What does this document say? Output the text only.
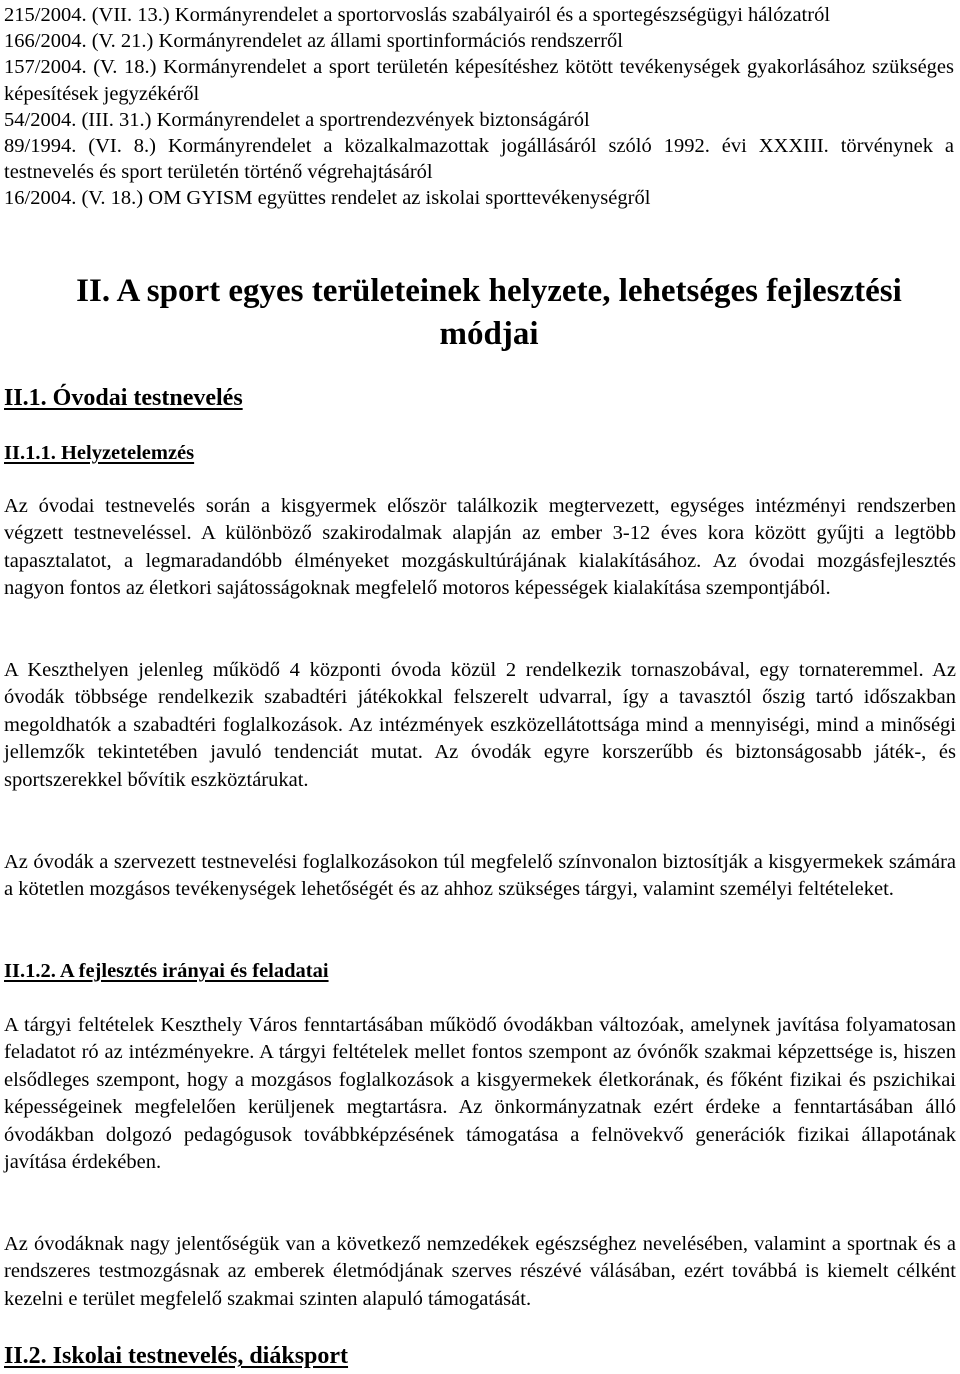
215/2004. (VII. 13.) Kormányrendelet a sportorvoslás szabályairól és a sportegészségügyi hálózatról

166/2004. (V. 21.) Kormányrendelet az állami sportinformációs rendszerről

157/2004. (V. 18.) Kormányrendelet a sport területén képesítéshez kötött tevékenységek gyakorlásához szükséges képesítések jegyzékéről

54/2004. (III. 31.) Kormányrendelet a sportrendezvények biztonságáról

89/1994. (VI. 8.) Kormányrendelet a közalkalmazottak jogállásáról szóló 1992. évi XXXIII. törvénynek a testnevelés és sport területén történő végrehajtásáról

16/2004. (V. 18.) OM GYISM együttes rendelet az iskolai sporttevékenységről

II. A sport egyes területeinek helyzete, lehetséges fejlesztési módjai
II.1. Óvodai testnevelés
II.1.1. Helyzetelemzés

Az óvodai testnevelés során a kisgyermek először találkozik megtervezett, egységes intézményi rendszerben végzett testneveléssel. A különböző szakirodalmak alapján az ember 3-12 éves kora között gyűjti a legtöbb tapasztalatot, a legmaradandóbb élményeket mozgáskultúrájának kialakításához. Az óvodai mozgásfejlesztés nagyon fontos az életkori sajátosságoknak megfelelő motoros képességek kialakítása szempontjából.

A Keszthelyen jelenleg működő 4 központi óvoda közül 2 rendelkezik tornaszobával, egy tornateremmel. Az óvodák többsége rendelkezik szabadtéri játékokkal felszerelt udvarral, így a tavasztól őszig tartó időszakban megoldhatók a szabadtéri foglalkozások. Az intézmények eszközellátottsága mind a mennyiségi, mind a minőségi jellemzők tekintetében javuló tendenciát mutat. Az óvodák egyre korszerűbb és biztonságosabb játék-, és sportszerekkel bővítik eszköztárukat.

Az óvodák a szervezett testnevelési foglalkozásokon túl megfelelő színvonalon biztosítják a kisgyermekek számára a kötetlen mozgásos tevékenységek lehetőségét és az ahhoz szükséges tárgyi, valamint személyi feltételeket.

II.1.2. A fejlesztés irányai és feladatai

A tárgyi feltételek Keszthely Város fenntartásában működő óvodákban változóak, amelynek javítása folyamatosan feladatot ró az intézményekre. A tárgyi feltételek mellet fontos szempont az óvónők szakmai képzettsége is, hiszen elsődleges szempont, hogy a mozgásos foglalkozások a kisgyermekek életkorának, és főként fizikai és pszichikai képességeinek megfelelően kerüljenek megtartásra. Az önkormányzatnak ezért érdeke a fenntartásában álló óvodákban dolgozó pedagógusok továbbképzésének támogatása a felnövekvő generációk fizikai állapotának javítása érdekében.

Az óvodáknak nagy jelentőségük van a következő nemzedékek egészséghez nevelésében, valamint a sportnak és a rendszeres testmozgásnak az emberek életmódjának szerves részévé válásában, ezért továbbá is kiemelt célként kezelni e terület megfelelő szakmai szinten alapuló támogatását.

II.2. Iskolai testnevelés, diáksport
